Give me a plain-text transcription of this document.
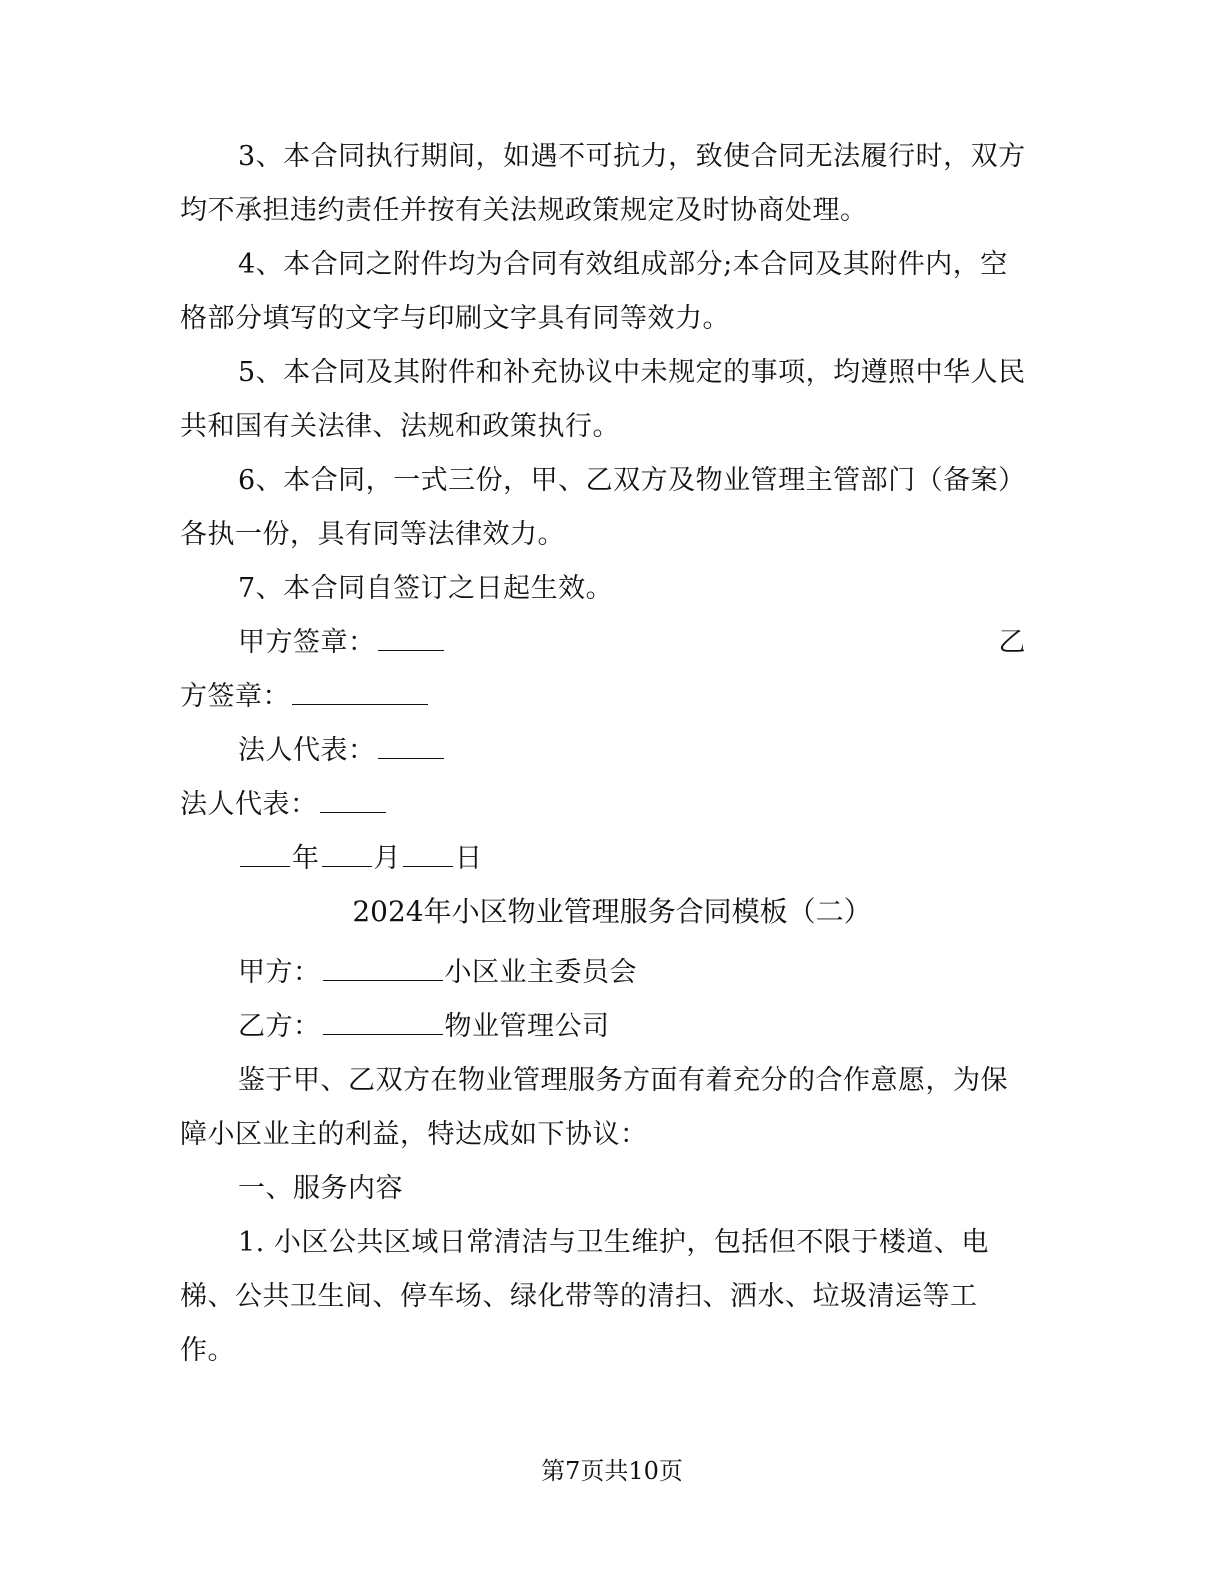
3、本合同执行期间，如遇不可抗力，致使合同无法履行时，双方
均不承担违约责任并按有关法规政策规定及时协商处理。
4、本合同之附件均为合同有效组成部分;本合同及其附件内，空
格部分填写的文字与印刷文字具有同等效力。
5、本合同及其附件和补充协议中未规定的事项，均遵照中华人民
共和国有关法律、法规和政策执行。
6、本合同，一式三份，甲、乙双方及物业管理主管部门（备案）
各执一份，具有同等法律效力。
7、本合同自签订之日起生效。
甲方签章：	乙
方签章：
法人代表：
法人代表：
年 月 日
2024年小区物业管理服务合同模板（二）
甲方：	小区业主委员会
乙方：	物业管理公司
鉴于甲、乙双方在物业管理服务方面有着充分的合作意愿，为保
障小区业主的利益，特达成如下协议：
一、服务内容
1. 小区公共区域日常清洁与卫生维护，包括但不限于楼道、电
梯、公共卫生间、停车场、绿化带等的清扫、洒水、垃圾清运等工
作。
第7页共10页
